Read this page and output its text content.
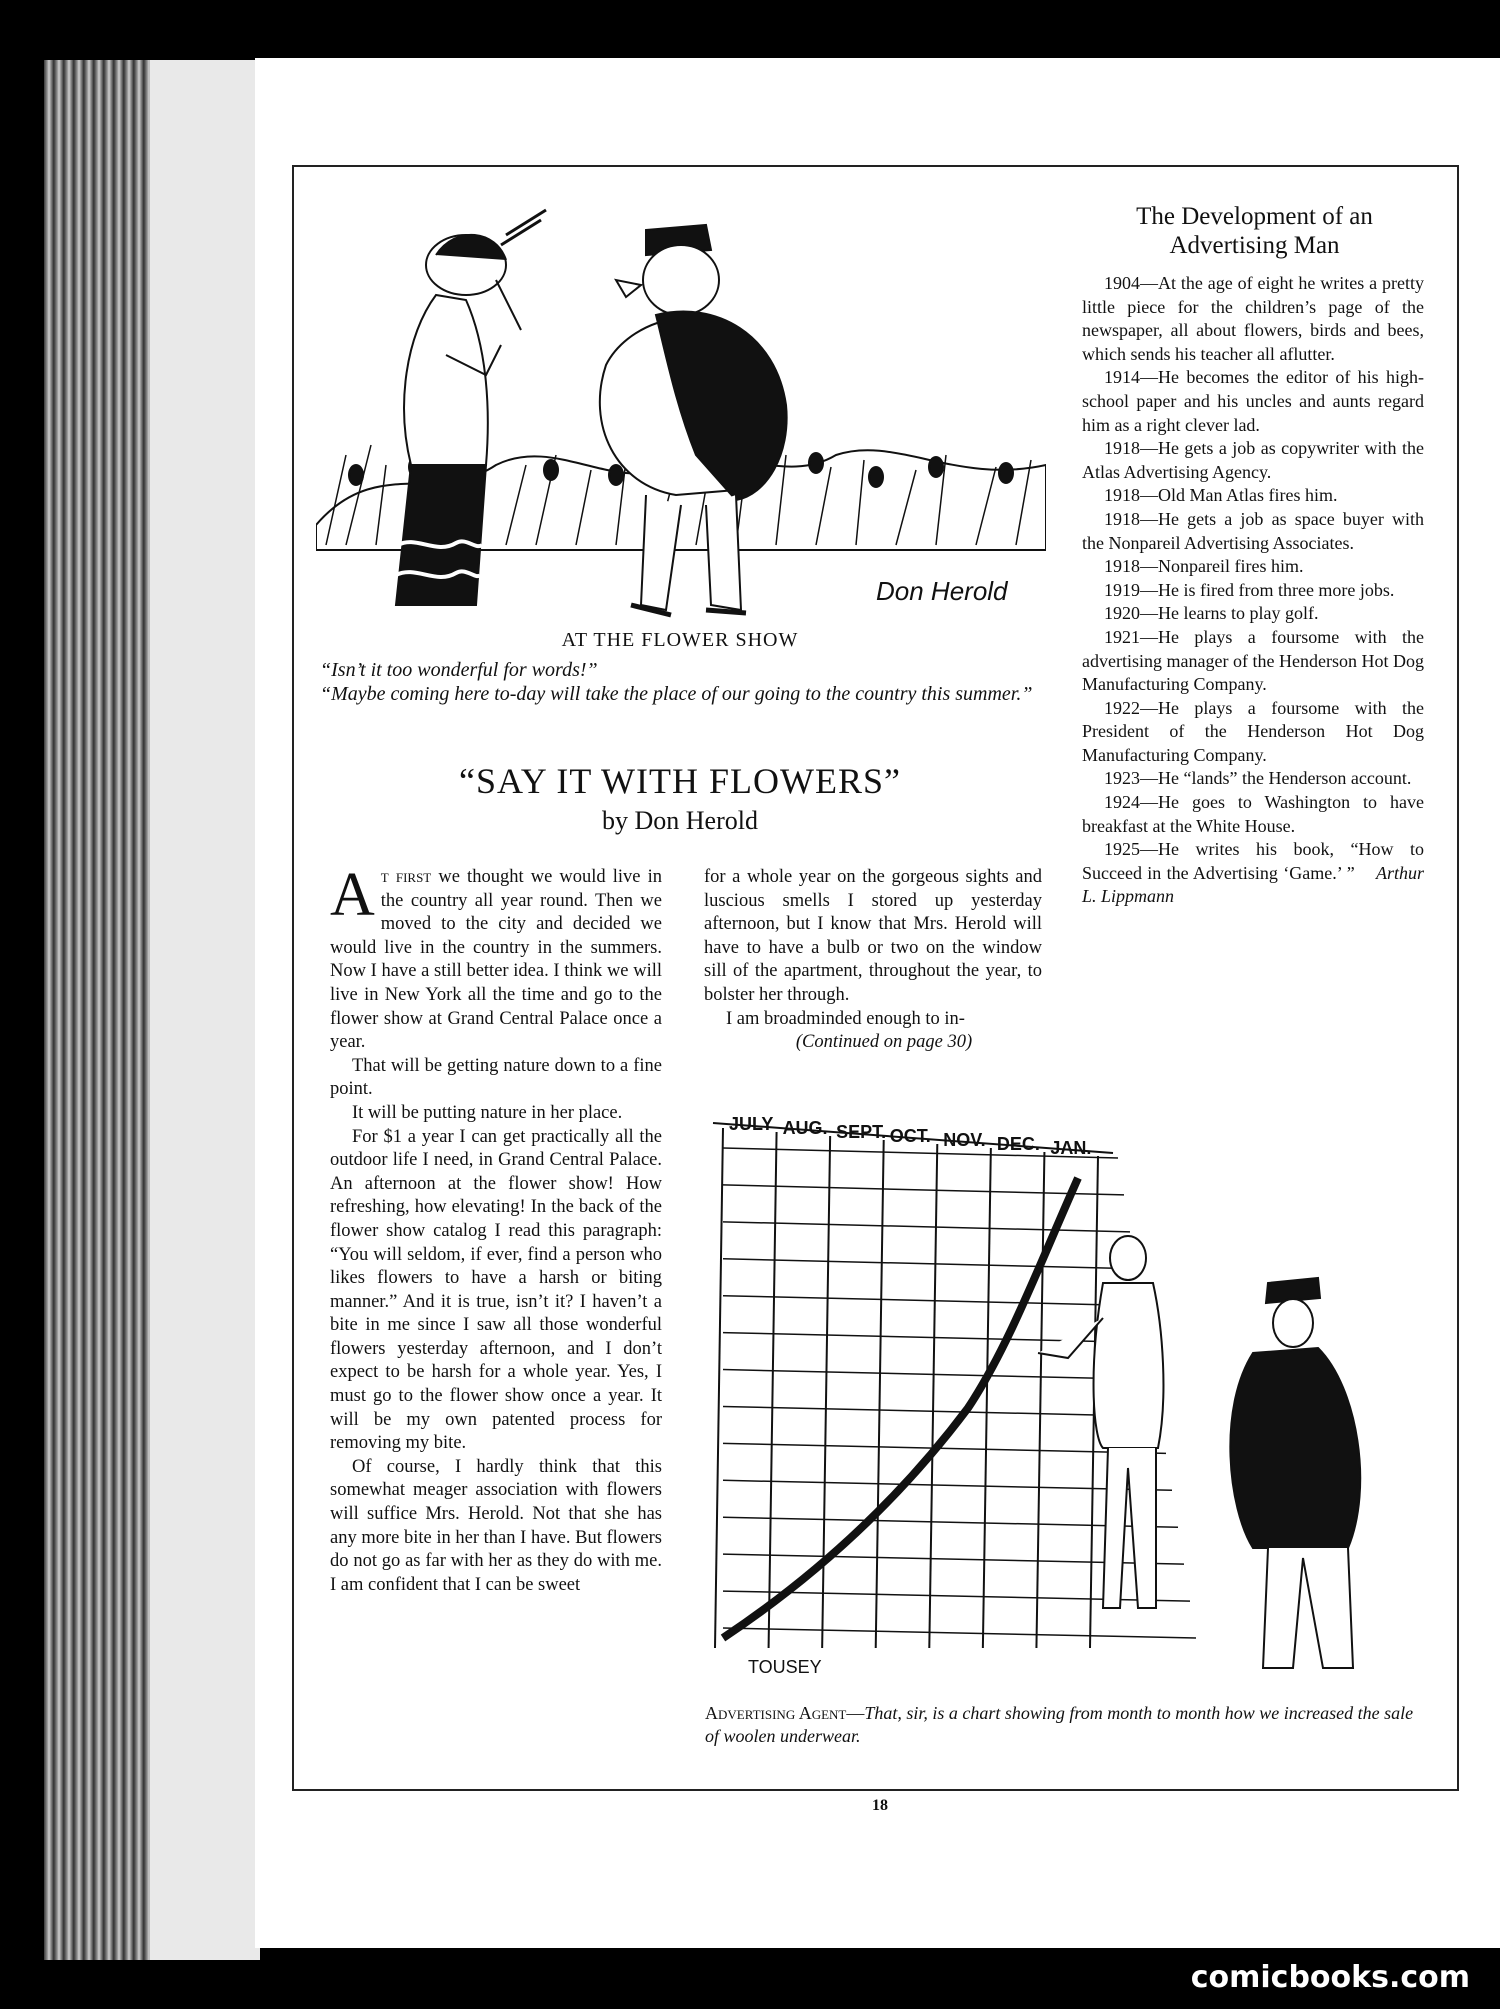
Don Herold
AT THE FLOWER SHOW
“Isn’t it too wonderful for words!”
“Maybe coming here to-day will take the place of our going to the country this summer.”
“SAY IT WITH FLOWERS”
by Don Herold

At first we thought we would live in the country all year round. Then we moved to the city and decided we would live in the country in the summers. Now I have a still better idea. I think we will live in New York all the time and go to the flower show at Grand Central Palace once a year.

That will be getting nature down to a fine point.

It will be putting nature in her place.

For $1 a year I can get practically all the outdoor life I need, in Grand Central Palace. An afternoon at the flower show! How refreshing, how elevating! In the back of the flower show catalog I read this paragraph: “You will seldom, if ever, find a person who likes flowers to have a harsh or biting manner.” And it is true, isn’t it? I haven’t a bite in me since I saw all those wonderful flowers yesterday afternoon, and I don’t expect to be harsh for a whole year. Yes, I must go to the flower show once a year. It will be my own patented process for removing my bite.

Of course, I hardly think that this somewhat meager association with flowers will suffice Mrs. Herold. Not that she has any more bite in her than I have. But flowers do not go as far with her as they do with me. I am confident that I can be sweet

for a whole year on the gorgeous sights and luscious smells I stored up yesterday afternoon, but I know that Mrs. Herold will have to have a bulb or two on the window sill of the apartment, throughout the year, to bolster her through.

I am broadminded enough to in-

(Continued on page 30)

The Development of an Advertising Man

1904—At the age of eight he writes a pretty little piece for the children’s page of the newspaper, all about flowers, birds and bees, which sends his teacher all aflutter.

1914—He becomes the editor of his high-school paper and his uncles and aunts regard him as a right clever lad.

1918—He gets a job as copywriter with the Atlas Advertising Agency.

1918—Old Man Atlas fires him.

1918—He gets a job as space buyer with the Nonpareil Advertising Associates.

1918—Nonpareil fires him.

1919—He is fired from three more jobs.

1920—He learns to play golf.

1921—He plays a foursome with the advertising manager of the Henderson Hot Dog Manufacturing Company.

1922—He plays a foursome with the President of the Henderson Hot Dog Manufacturing Company.

1923—He “lands” the Henderson account.

1924—He goes to Washington to have breakfast at the White House.

1925—He writes his book, “How to Succeed in the Advertising ‘Game.’ ” Arthur L. Lippmann

JULY AUG. SEPT. OCT. NOV. DEC. JAN.
TOUSEY
Advertising Agent—That, sir, is a chart showing from month to month how we increased the sale of woolen underwear.
18
comicbooks.com
